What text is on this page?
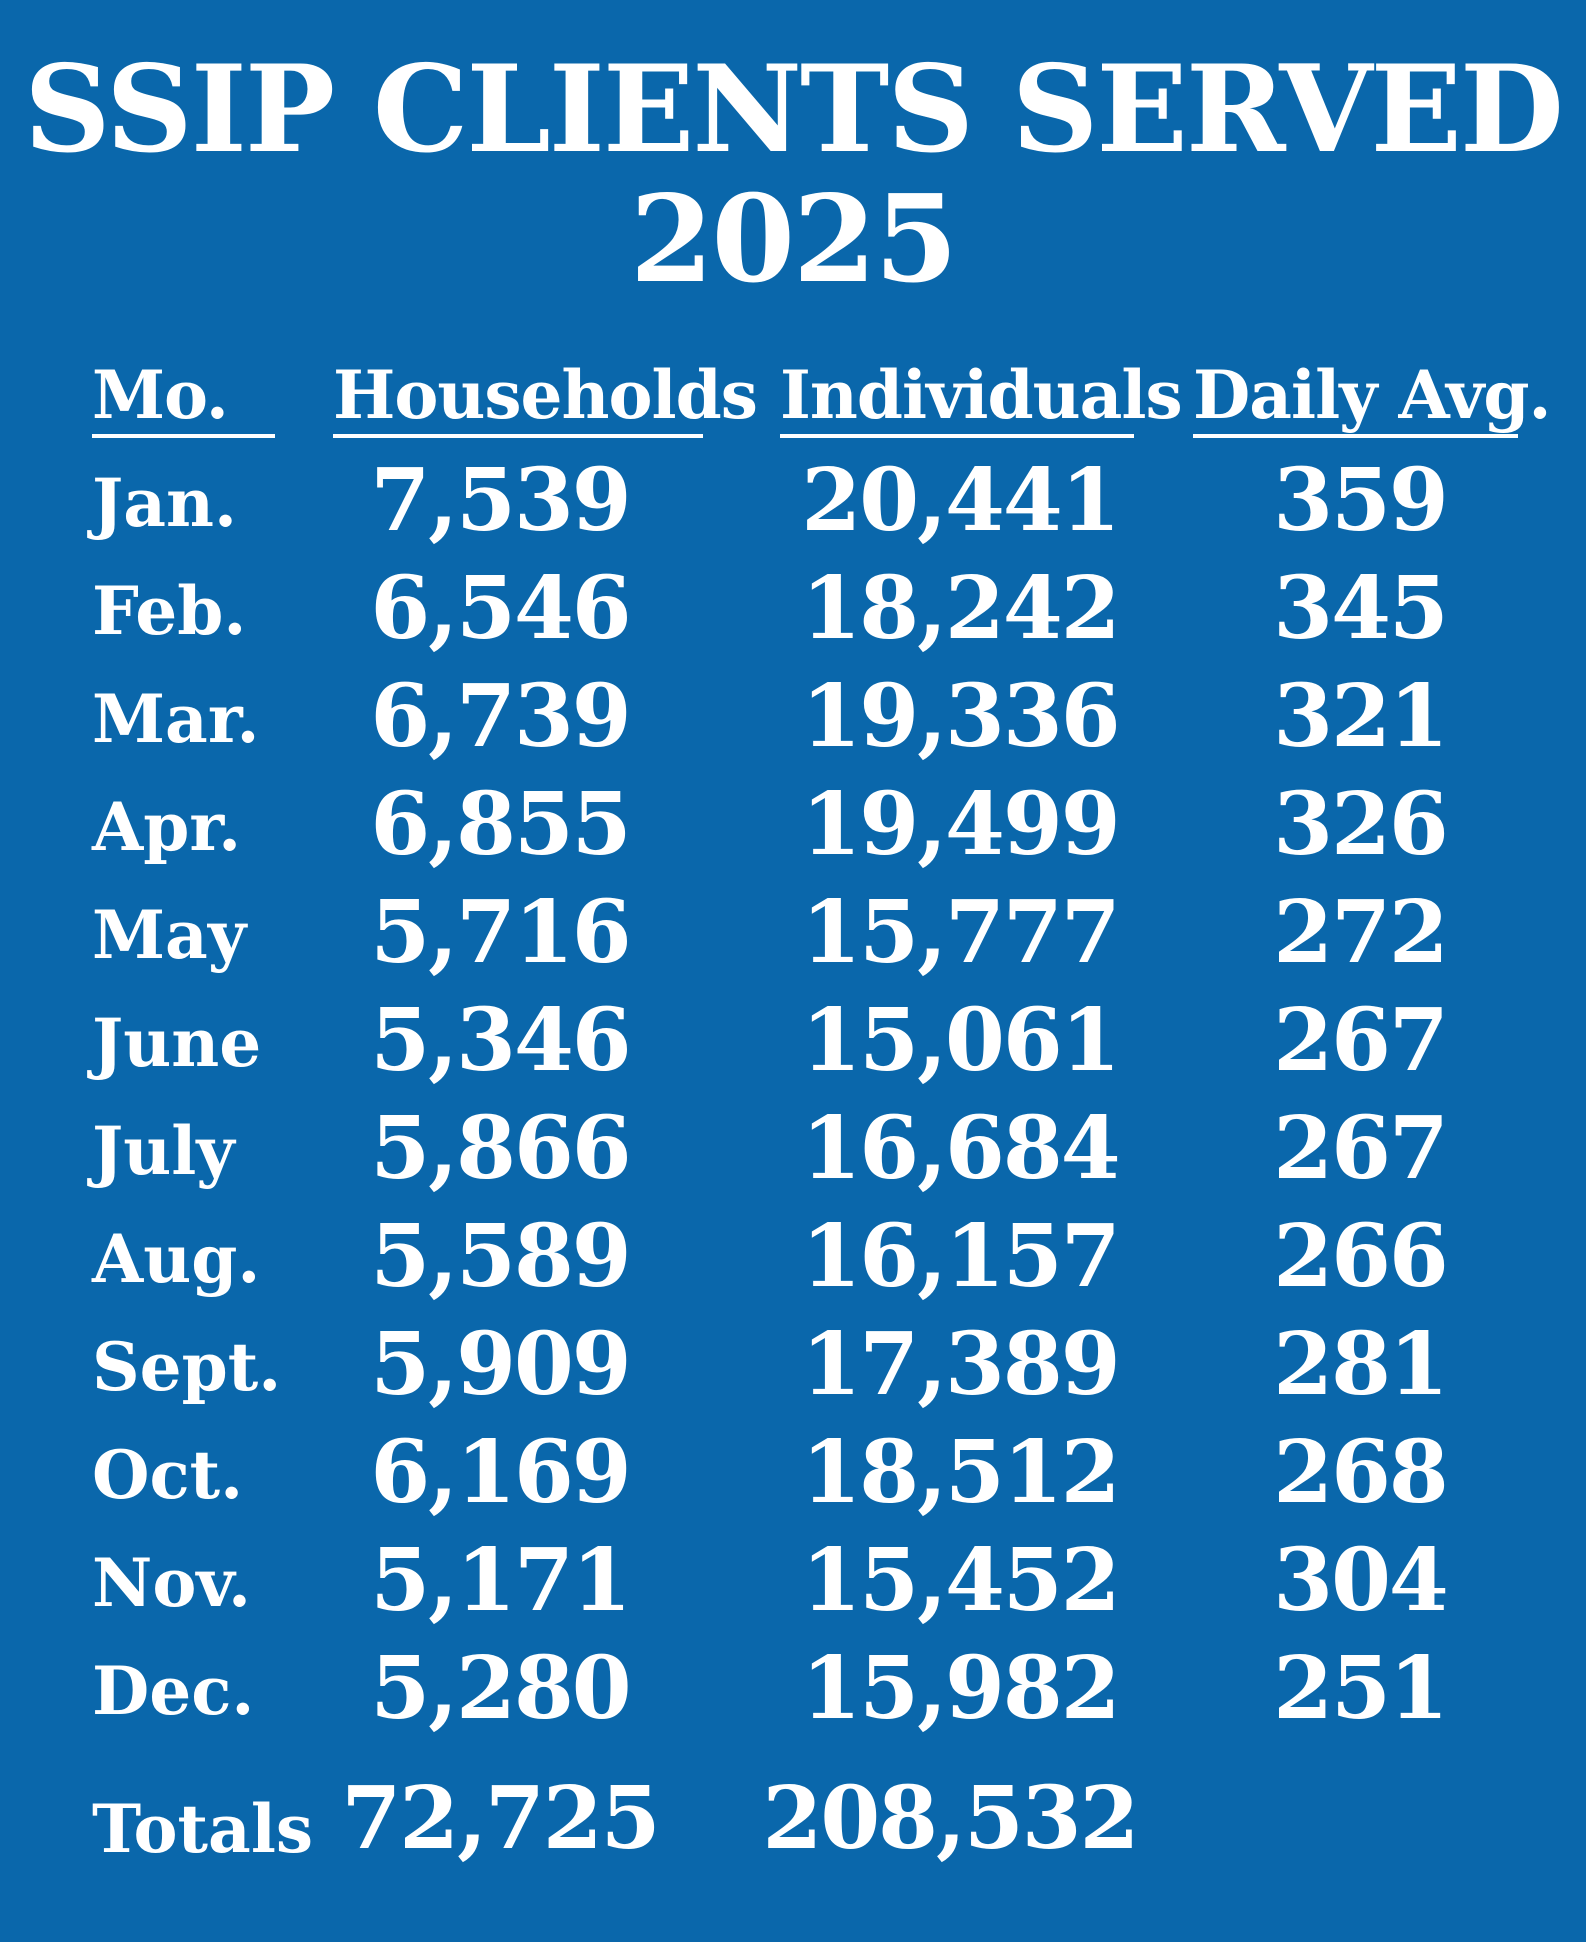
SSIP CLIENTS SERVED
2025
Mo. Households Individuals Daily Avg.
Jan.	7,539	20,441	359
Feb.	6,546	18,242	345
Mar.	6,739	19,336	321
Apr.	6,855	19,499	326
May	5,716	15,777	272
June	5,346	15,061	267
July	5,866	16,684	267
Aug.	5,589	16,157	266
Sept.	5,909	17,389	281
Oct.	6,169	18,512	268
Nov.	5,171	15,452	304
Dec.	5,280	15,982	251
Totals 72,725 208,532
